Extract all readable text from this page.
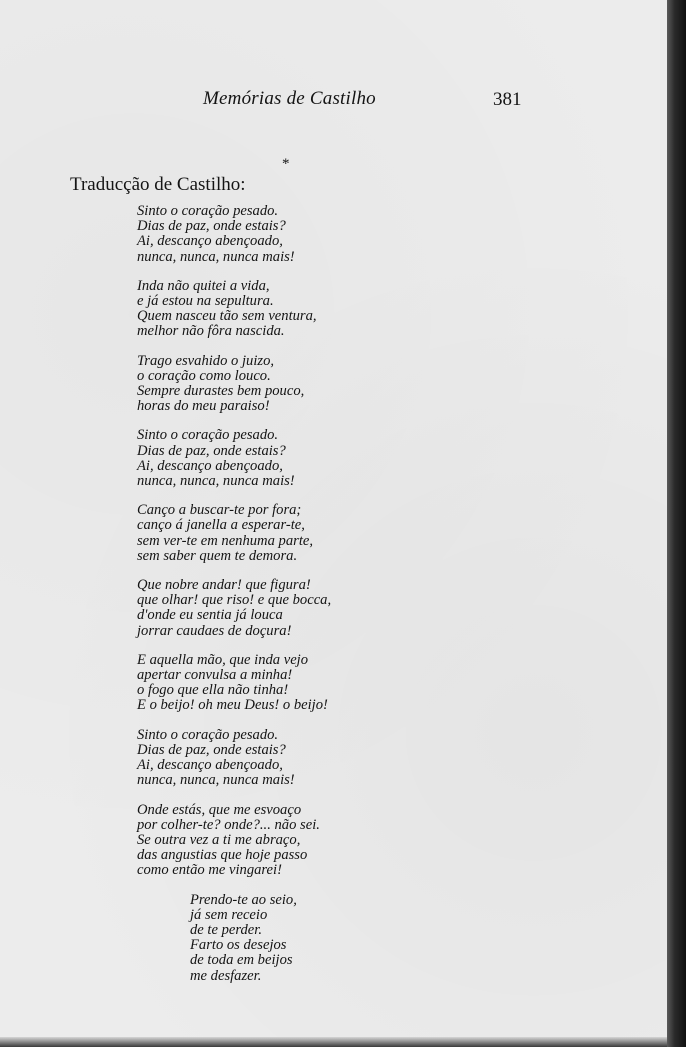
Memórias de Castilho	381
*
Traducção de Castilho:
Sinto o coração pesado.
Dias de paz, onde estais?
Ai, descanço abençoado,
nunca, nunca, nunca mais!
Inda não quitei a vida,
e já estou na sepultura.
Quem nasceu tão sem ventura,
melhor não fôra nascida.
Trago esvahido o juizo,
o coração como louco.
Sempre durastes bem pouco,
horas do meu paraiso!
Sinto o coração pesado.
Dias de paz, onde estais?
Ai, descanço abençoado,
nunca, nunca, nunca mais!
Canço a buscar-te por fora;
canço á janella a esperar-te,
sem ver-te em nenhuma parte,
sem saber quem te demora.
Que nobre andar! que figura!
que olhar! que riso! e que bocca,
d'onde eu sentia já louca
jorrar caudaes de doçura!
E aquella mão, que inda vejo
apertar convulsa a minha!
o fogo que ella não tinha!
E o beijo! oh meu Deus! o beijo!
Sinto o coração pesado.
Dias de paz, onde estais?
Ai, descanço abençoado,
nunca, nunca, nunca mais!
Onde estás, que me esvoaço
por colher-te? onde?... não sei.
Se outra vez a ti me abraço,
das angustias que hoje passo
como então me vingarei!
Prendo-te ao seio,
já sem receio
de te perder.
Farto os desejos
de toda em beijos
me desfazer.
